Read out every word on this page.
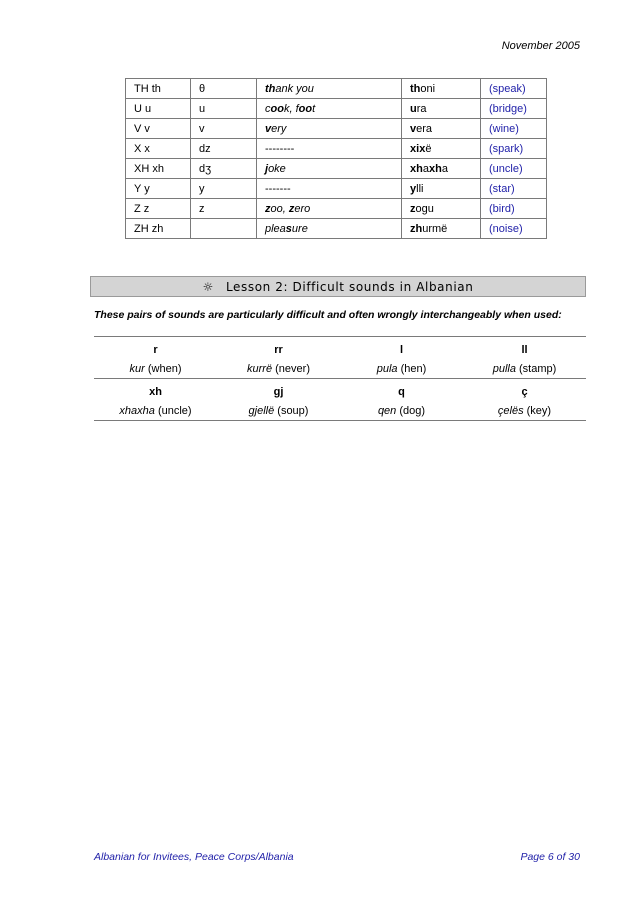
November 2005
TH th	θ	thank you	thoni	(speak)
U u	u	cook, foot	ura	(bridge)
V v	v	very	vera	(wine)
X x	dz	--------	xixë	(spark)
XH xh	dʒ	joke	xhaxha	(uncle)
Y y	y	-------	ylli	(star)
Z z	z	zoo, zero	zogu	(bird)
ZH zh		pleasure	zhurmë	(noise)
☼ Lesson 2: Difficult sounds in Albanian
These pairs of sounds are particularly difficult and often wrongly interchangeably when used:
r	rr	l	ll
kur (when)	kurrë (never)	pula (hen)	pulla (stamp)
xh	gj	q	ç
xhaxha (uncle)	gjellë (soup)	qen (dog)	çelës (key)
Albanian for Invitees, Peace Corps/Albania	Page 6 of 30
